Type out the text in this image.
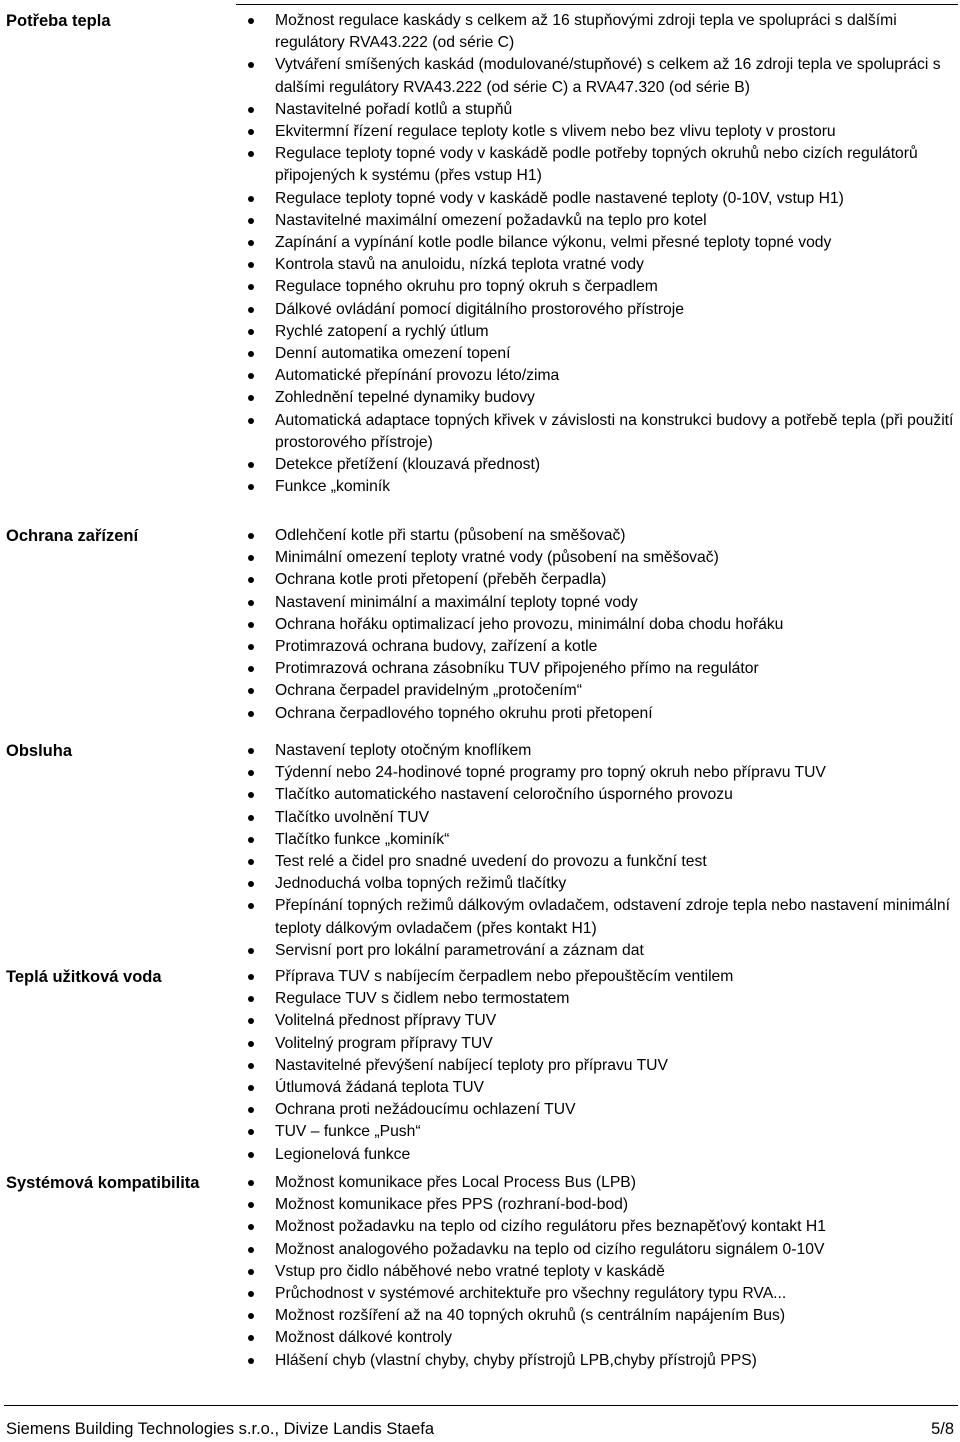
Potřeba tepla	Možnost regulace kaskády s celkem až 16 stupňovými zdroji tepla ve spolupráci s dalšími regulátory RVA43.222 (od série C)
Vytváření smíšených kaskád (modulované/stupňové) s celkem až 16 zdroji tepla ve spolupráci s dalšími regulátory RVA43.222 (od série C) a RVA47.320 (od série B)
Nastavitelné pořadí kotlů a stupňů
Ekvitermní řízení regulace teploty kotle s vlivem nebo bez vlivu teploty v prostoru
Regulace teploty topné vody v kaskádě podle potřeby topných okruhů nebo cizích regulátorů připojených k systému (přes vstup H1)
Regulace teploty topné vody v kaskádě podle nastavené teploty (0-10V, vstup H1)
Nastavitelné maximální omezení požadavků na teplo pro kotel
Zapínání a vypínání kotle podle bilance výkonu, velmi přesné teploty topné vody
Kontrola stavů na anuloidu, nízká teplota vratné vody
Regulace topného okruhu pro topný okruh s čerpadlem
Dálkové ovládání pomocí digitálního prostorového přístroje
Rychlé zatopení a rychlý útlum
Denní automatika omezení topení
Automatické přepínání provozu léto/zima
Zohlednění tepelné dynamiky budovy
Automatická adaptace topných křivek v závislosti na konstrukci budovy a potřebě tepla (při použití prostorového přístroje)
Detekce přetížení (klouzavá přednost)
Funkce „kominík
Ochrana zařízení	Odlehčení kotle při startu (působení na směšovač)
Minimální omezení teploty vratné vody (působení na směšovač)
Ochrana kotle proti přetopení (přeběh čerpadla)
Nastavení minimální a maximální teploty topné vody
Ochrana hořáku optimalizací jeho provozu, minimální doba chodu hořáku
Protimrazová ochrana budovy, zařízení a kotle
Protimrazová ochrana zásobníku TUV připojeného přímo na regulátor
Ochrana čerpadel pravidelným „protočením“
Ochrana čerpadlového topného okruhu proti přetopení
Obsluha	Nastavení teploty otočným knoflíkem
Týdenní nebo 24-hodinové topné programy pro topný okruh nebo přípravu TUV
Tlačítko automatického nastavení celoročního úsporného provozu
Tlačítko uvolnění TUV
Tlačítko funkce „kominík“
Test relé a čidel pro snadné uvedení do provozu a funkční test
Jednoduchá volba topných režimů tlačítky
Přepínání topných režimů dálkovým ovladačem, odstavení zdroje tepla nebo nastavení minimální teploty dálkovým ovladačem (přes kontakt H1)
Servisní port pro lokální parametrování a záznam dat
Teplá užitková voda	Příprava TUV s nabíjecím čerpadlem nebo přepouštěcím ventilem
Regulace TUV s čidlem nebo termostatem
Volitelná přednost přípravy TUV
Volitelný program přípravy TUV
Nastavitelné převýšení nabíjecí teploty pro přípravu TUV
Útlumová žádaná teplota TUV
Ochrana proti nežádoucímu ochlazení TUV
TUV – funkce „Push“
Legionelová funkce
Systémová kompatibilita	Možnost komunikace přes Local Process Bus (LPB)
Možnost komunikace přes PPS (rozhraní-bod-bod)
Možnost požadavku na teplo od cizího regulátoru přes beznapěťový kontakt H1
Možnost analogového požadavku na teplo od cizího regulátoru signálem 0-10V
Vstup pro čidlo náběhové nebo vratné teploty v kaskádě
Průchodnost v systémové architektuře pro všechny regulátory typu RVA...
Možnost rozšíření až na 40 topných okruhů (s centrálním napájením Bus)
Možnost dálkové kontroly
Hlášení chyb (vlastní chyby, chyby přístrojů LPB,chyby přístrojů PPS)
Siemens Building Technologies s.r.o., Divize Landis Staefa	5/8
